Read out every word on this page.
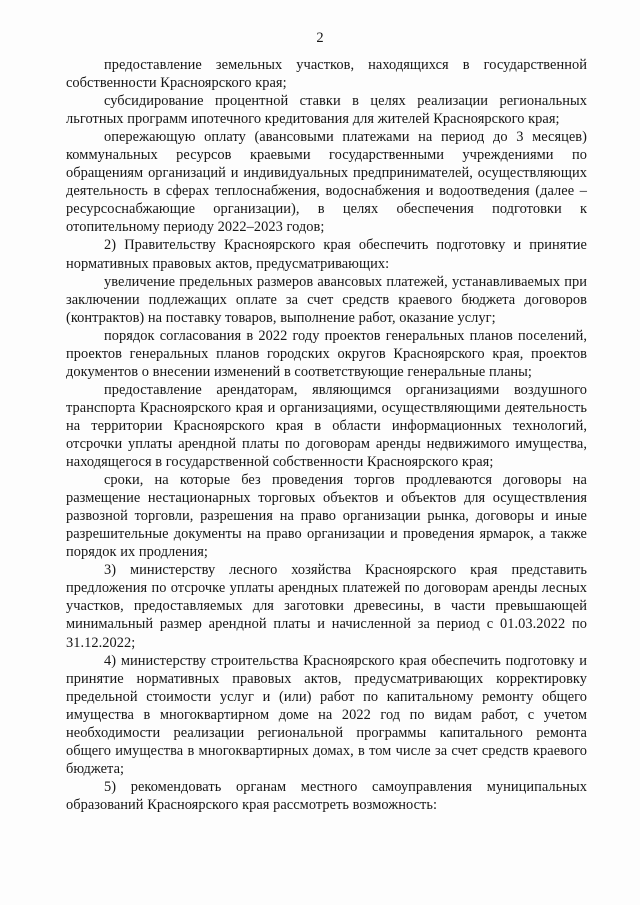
2

предоставление земельных участков, находящихся в государственной собственности Красноярского края;

субсидирование процентной ставки в целях реализации региональных льготных программ ипотечного кредитования для жителей Красноярского края;

опережающую оплату (авансовыми платежами на период до 3 месяцев) коммунальных ресурсов краевыми государственными учреждениями по обращениям организаций и индивидуальных предпринимателей, осуществляющих деятельность в сферах теплоснабжения, водоснабжения и водоотведения (далее – ресурсоснабжающие организации), в целях обеспечения подготовки к отопительному периоду 2022–2023 годов;

2) Правительству Красноярского края обеспечить подготовку и принятие нормативных правовых актов, предусматривающих:

увеличение предельных размеров авансовых платежей, устанавливаемых при заключении подлежащих оплате за счет средств краевого бюджета договоров (контрактов) на поставку товаров, выполнение работ, оказание услуг;

порядок согласования в 2022 году проектов генеральных планов поселений, проектов генеральных планов городских округов Красноярского края, проектов документов о внесении изменений в соответствующие генеральные планы;

предоставление арендаторам, являющимся организациями воздушного транспорта Красноярского края и организациями, осуществляющими деятельность на территории Красноярского края в области информационных технологий, отсрочки уплаты арендной платы по договорам аренды недвижимого имущества, находящегося в государственной собственности Красноярского края;

сроки, на которые без проведения торгов продлеваются договоры на размещение нестационарных торговых объектов и объектов для осуществления развозной торговли, разрешения на право организации рынка, договоры и иные разрешительные документы на право организации и проведения ярмарок, а также порядок их продления;

3) министерству лесного хозяйства Красноярского края представить предложения по отсрочке уплаты арендных платежей по договорам аренды лесных участков, предоставляемых для заготовки древесины, в части превышающей минимальный размер арендной платы и начисленной за период с 01.03.2022 по 31.12.2022;

4) министерству строительства Красноярского края обеспечить подготовку и принятие нормативных правовых актов, предусматривающих корректировку предельной стоимости услуг и (или) работ по капитальному ремонту общего имущества в многоквартирном доме на 2022 год по видам работ, с учетом необходимости реализации региональной программы капитального ремонта общего имущества в многоквартирных домах, в том числе за счет средств краевого бюджета;

5) рекомендовать органам местного самоуправления муниципальных образований Красноярского края рассмотреть возможность:
